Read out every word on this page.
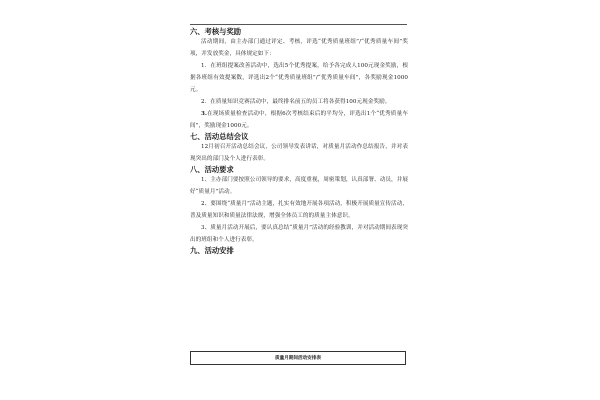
六、考核与奖励

活动期间，由主办部门通过评定、考核，评选“优秀质量班组”/“优秀质量车间”奖项，并发放奖金，具体规定如下：

1．在班组提案改善活动中，选出5个优秀提案，给予各完成人100元现金奖励，根据各班组有效提案数，评选出2个“优秀质量班组”/“优秀质量车间”，各奖励现金1000元。

2．在质量知识竞赛活动中，最终排名前五的员工将各获得100元现金奖励。

3.在现场质量检查活动中，根据6次考核结束后的平均分，评选出1个“优秀质量车间”，奖励现金1000元。

七、活动总结会议

12月初召开活动总结会议，公司领导发表讲话，对质量月活动作总结报告，并对表现突出的部门及个人进行表彰。

八、活动要求

1、主办部门要按照公司领导的要求，高度重视，周密策划，认真部署、动员，并展好“质量月”活动。

2、要围绕“质量月”活动主题，扎实有效地开展各项活动，积极开展质量宣传活动，普及质量知识和质量法律法规，增强全体员工的的质量主体意识。

3、质量月活动开展后，要认真总结“质量月”活动的经验教训，并对活动期间表现突出的班组和个人进行表彰。

九、活动安排

质量月期间活动安排表
